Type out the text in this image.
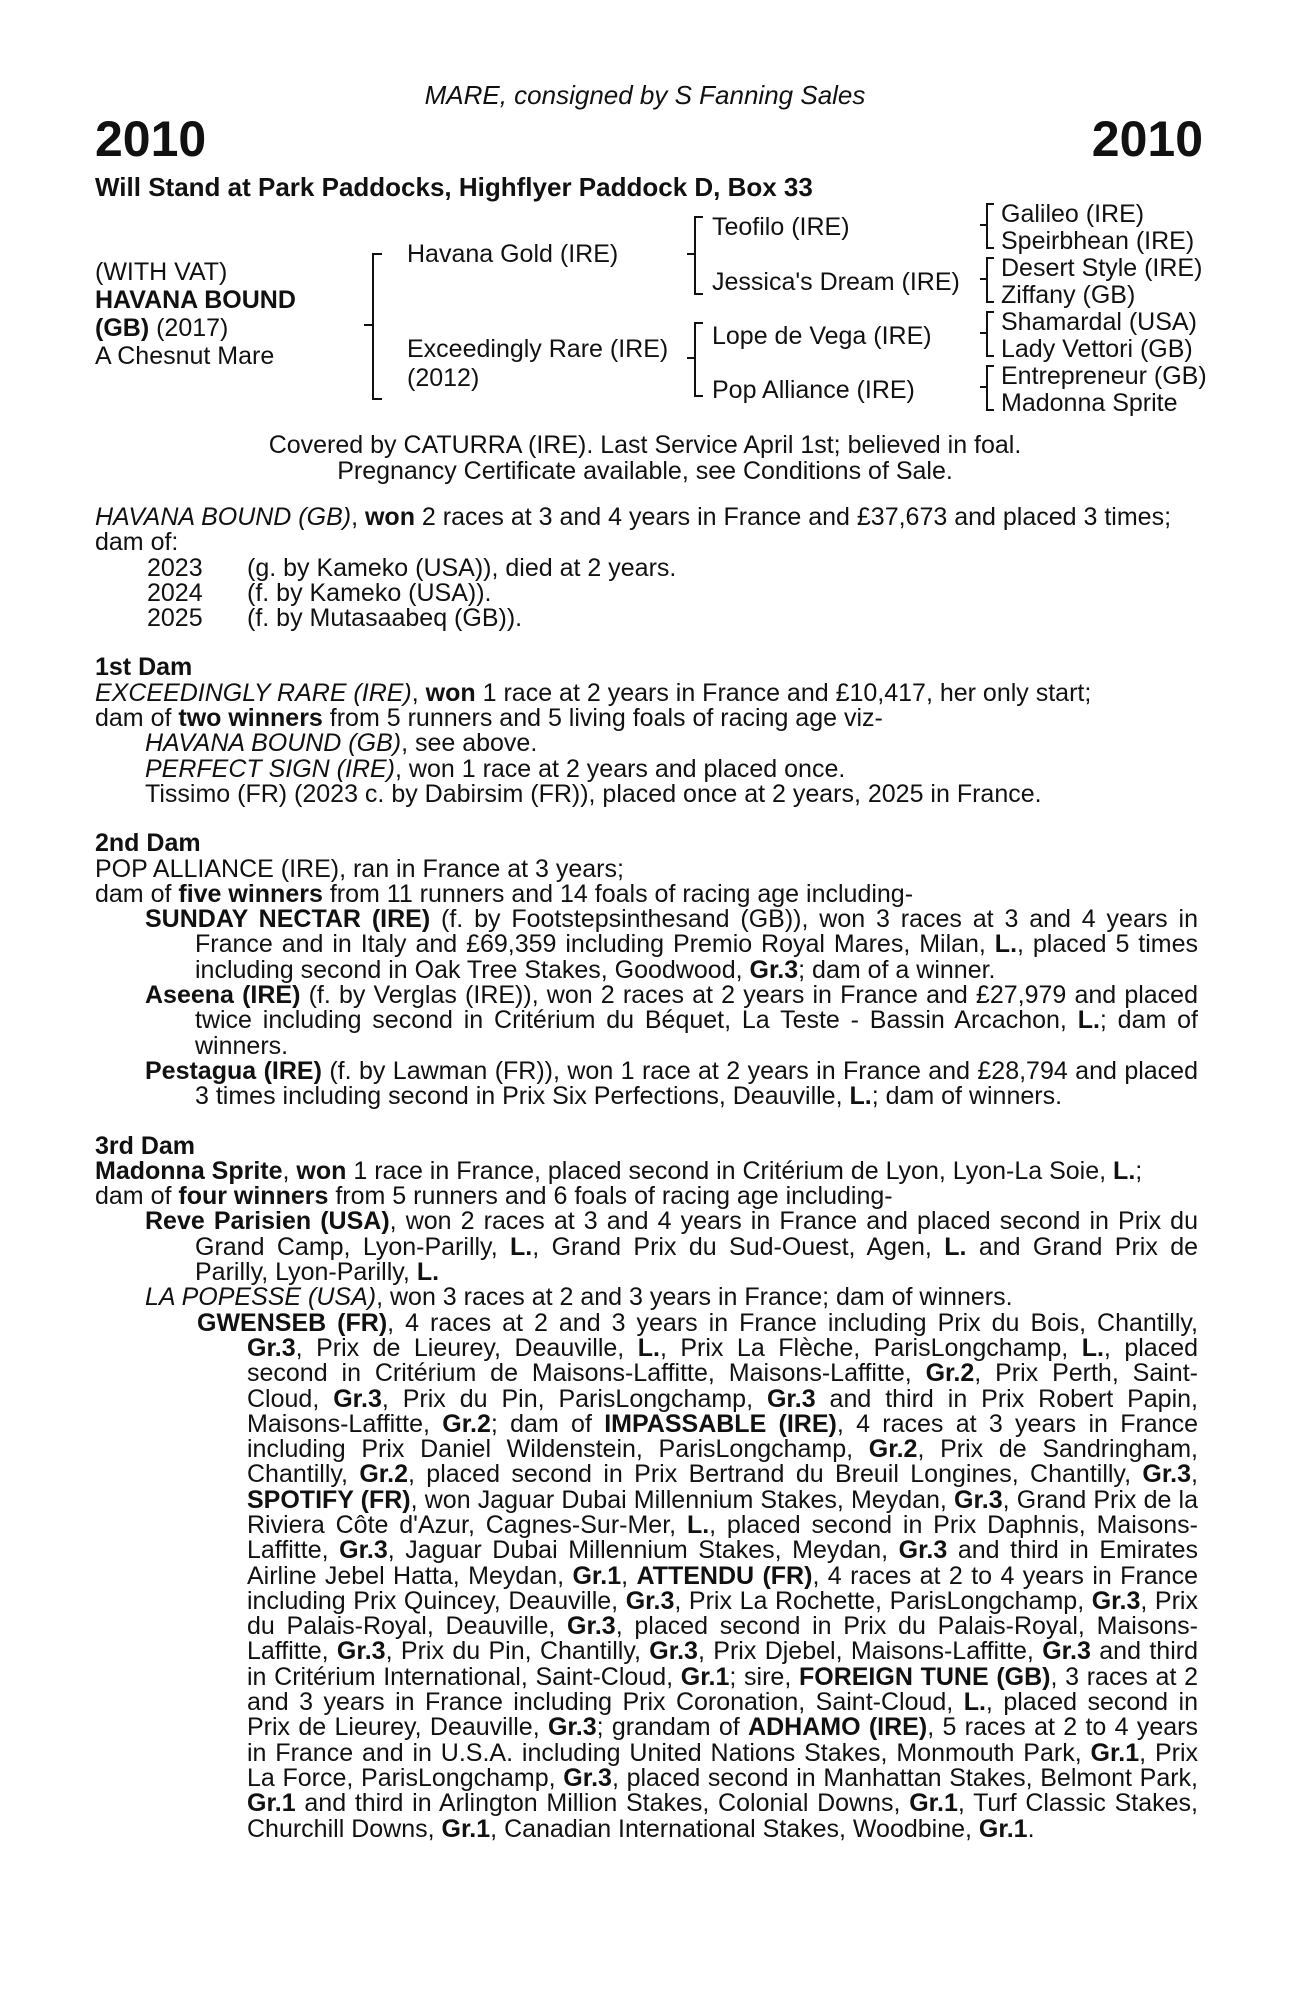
MARE, consigned by S Fanning Sales
2010	2010
Will Stand at Park Paddocks, Highflyer Paddock D, Box 33
(WITH VAT)
HAVANA BOUND
(GB) (2017)
A Chesnut Mare
Havana Gold (IRE)
Exceedingly Rare (IRE)
(2012)
Teofilo (IRE)
Jessica's Dream (IRE)
Lope de Vega (IRE)
Pop Alliance (IRE)
Galileo (IRE)
Speirbhean (IRE)
Desert Style (IRE)
Ziffany (GB)
Shamardal (USA)
Lady Vettori (GB)
Entrepreneur (GB)
Madonna Sprite
Covered by CATURRA (IRE). Last Service April 1st; believed in foal.
Pregnancy Certificate available, see Conditions of Sale.

HAVANA BOUND (GB), won 2 races at 3 and 4 years in France and £37,673 and placed 3 times;

dam of:

2023	(g. by Kameko (USA)), died at 2 years.
2024	(f. by Kameko (USA)).
2025	(f. by Mutasaabeq (GB)).

1st Dam

EXCEEDINGLY RARE (IRE), won 1 race at 2 years in France and £10,417, her only start;

dam of two winners from 5 runners and 5 living foals of racing age viz-

HAVANA BOUND (GB), see above.

PERFECT SIGN (IRE), won 1 race at 2 years and placed once.

Tissimo (FR) (2023 c. by Dabirsim (FR)), placed once at 2 years, 2025 in France.

2nd Dam

POP ALLIANCE (IRE), ran in France at 3 years;

dam of five winners from 11 runners and 14 foals of racing age including-

SUNDAY NECTAR (IRE) (f. by Footstepsinthesand (GB)), won 3 races at 3 and 4 years in France and in Italy and £69,359 including Premio Royal Mares, Milan, L., placed 5 times including second in Oak Tree Stakes, Goodwood, Gr.3; dam of a winner.

Aseena (IRE) (f. by Verglas (IRE)), won 2 races at 2 years in France and £27,979 and placed twice including second in Critérium du Béquet, La Teste - Bassin Arcachon, L.; dam of winners.

Pestagua (IRE) (f. by Lawman (FR)), won 1 race at 2 years in France and £28,794 and placed 3 times including second in Prix Six Perfections, Deauville, L.; dam of winners.

3rd Dam

Madonna Sprite, won 1 race in France, placed second in Critérium de Lyon, Lyon-La Soie, L.;

dam of four winners from 5 runners and 6 foals of racing age including-

Reve Parisien (USA), won 2 races at 3 and 4 years in France and placed second in Prix du Grand Camp, Lyon-Parilly, L., Grand Prix du Sud-Ouest, Agen, L. and Grand Prix de Parilly, Lyon-Parilly, L.

LA POPESSE (USA), won 3 races at 2 and 3 years in France; dam of winners.

GWENSEB (FR), 4 races at 2 and 3 years in France including Prix du Bois, Chantilly, Gr.3, Prix de Lieurey, Deauville, L., Prix La Flèche, ParisLongchamp, L., placed second in Critérium de Maisons-Laffitte, Maisons-Laffitte, Gr.2, Prix Perth, Saint-Cloud, Gr.3, Prix du Pin, ParisLongchamp, Gr.3 and third in Prix Robert Papin, Maisons-Laffitte, Gr.2; dam of IMPASSABLE (IRE), 4 races at 3 years in France including Prix Daniel Wildenstein, ParisLongchamp, Gr.2, Prix de Sandringham, Chantilly, Gr.2, placed second in Prix Bertrand du Breuil Longines, Chantilly, Gr.3, SPOTIFY (FR), won Jaguar Dubai Millennium Stakes, Meydan, Gr.3, Grand Prix de la Riviera Côte d'Azur, Cagnes-Sur-Mer, L., placed second in Prix Daphnis, Maisons-Laffitte, Gr.3, Jaguar Dubai Millennium Stakes, Meydan, Gr.3 and third in Emirates Airline Jebel Hatta, Meydan, Gr.1, ATTENDU (FR), 4 races at 2 to 4 years in France including Prix Quincey, Deauville, Gr.3, Prix La Rochette, ParisLongchamp, Gr.3, Prix du Palais-Royal, Deauville, Gr.3, placed second in Prix du Palais-Royal, Maisons-Laffitte, Gr.3, Prix du Pin, Chantilly, Gr.3, Prix Djebel, Maisons-Laffitte, Gr.3 and third in Critérium International, Saint-Cloud, Gr.1; sire, FOREIGN TUNE (GB), 3 races at 2 and 3 years in France including Prix Coronation, Saint-Cloud, L., placed second in Prix de Lieurey, Deauville, Gr.3; grandam of ADHAMO (IRE), 5 races at 2 to 4 years in France and in U.S.A. including United Nations Stakes, Monmouth Park, Gr.1, Prix La Force, ParisLongchamp, Gr.3, placed second in Manhattan Stakes, Belmont Park, Gr.1 and third in Arlington Million Stakes, Colonial Downs, Gr.1, Turf Classic Stakes, Churchill Downs, Gr.1, Canadian International Stakes, Woodbine, Gr.1.
